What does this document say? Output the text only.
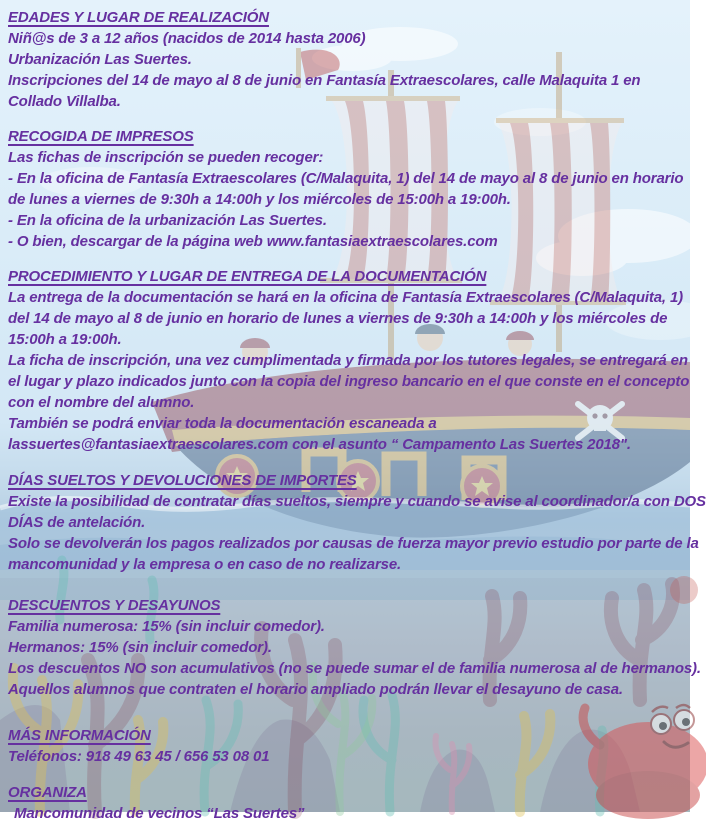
EDADES Y LUGAR DE REALIZACIÓN
Niñ@s de 3 a 12 años (nacidos de 2014 hasta 2006)
Urbanización Las Suertes.
Inscripciones del 14 de mayo al 8 de junio en Fantasía Extraescolares, calle Malaquita 1 en
Collado Villalba.
RECOGIDA DE IMPRESOS
Las fichas de inscripción se pueden recoger:
- En la oficina de Fantasía Extraescolares (C/Malaquita, 1) del 14 de mayo al 8 de junio en horario
de lunes a viernes de 9:30h a 14:00h y los miércoles de 15:00h a 19:00h.
- En la oficina de la urbanización Las Suertes.
- O bien, descargar de la página web www.fantasiaextraescolares.com
PROCEDIMIENTO Y LUGAR DE ENTREGA DE LA DOCUMENTACIÓN
La entrega de la documentación se hará en la oficina de Fantasía Extraescolares (C/Malaquita, 1)
del 14 de mayo al 8 de junio en horario de lunes a viernes de 9:30h a 14:00h y los miércoles de
15:00h a 19:00h.
La ficha de inscripción, una vez cumplimentada y firmada por los tutores legales, se entregará en
el lugar y plazo indicados junto con la copia del ingreso bancario en el que conste en el concepto
con el nombre del alumno.
También se podrá enviar toda la documentación escaneada a
lassuertes@fantasiaextraescolares.com con el asunto “ Campamento Las Suertes 2018".
DÍAS SUELTOS Y DEVOLUCIONES DE IMPORTES
Existe la posibilidad de contratar días sueltos, siempre y cuando se avise al coordinador/a con DOS
DÍAS de antelación.
Solo se devolverán los pagos realizados por causas de fuerza mayor previo estudio por parte de la
mancomunidad y la empresa o en caso de no realizarse.
DESCUENTOS Y DESAYUNOS
Familia numerosa: 15% (sin incluir comedor).
Hermanos: 15% (sin incluir comedor).
Los descuentos NO son acumulativos (no se puede sumar el de familia numerosa al de hermanos).
Aquellos alumnos que contraten el horario ampliado podrán llevar el desayuno de casa.
MÁS INFORMACIÓN
Teléfonos: 918 49 63 45 / 656 53 08 01
ORGANIZA
Mancomunidad de vecinos “Las Suertes”
